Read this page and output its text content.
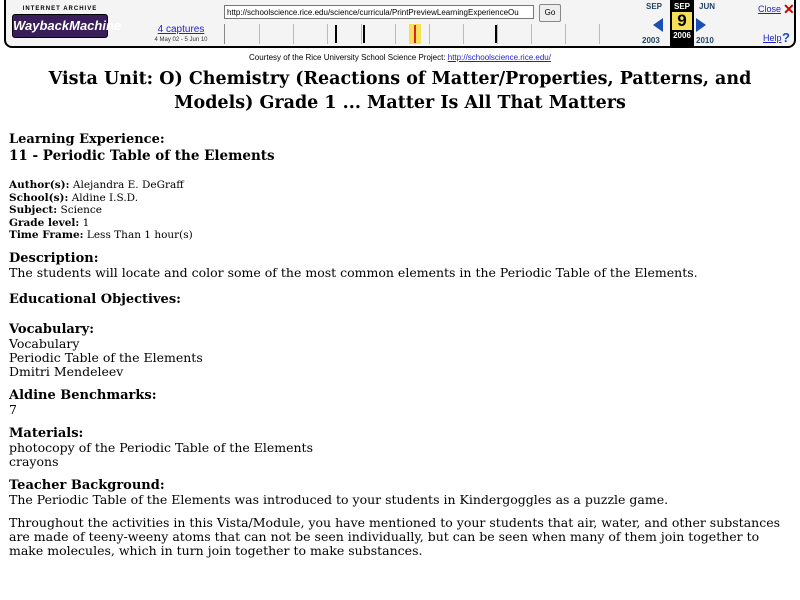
INTERNET ARCHIVE
WaybackMachine	4 captures
4 May 02 - 5 Jun 10
http://schoolscience.rice.edu/science/curricula/PrintPreviewLearningExperienceOu	Go
SEP
2003
SEP
9
2006
JUN
2010
Close ✕
Help ?
Courtesy of the Rice University School Science Project: http://schoolscience.rice.edu/
Vista Unit: O) Chemistry (Reactions of Matter/Properties, Patterns, and Models) Grade 1 ... Matter Is All That Matters

Learning Experience:

11 - Periodic Table of the Elements

Author(s): Alejandra E. DeGraff
School(s): Aldine I.S.D.
Subject: Science
Grade level: 1
Time Frame: Less Than 1 hour(s)

Description:

The students will locate and color some of the most common elements in the Periodic Table of the Elements.

Educational Objectives:

Vocabulary:

Vocabulary

Periodic Table of the Elements

Dmitri Mendeleev

Aldine Benchmarks:

7

Materials:

photocopy of the Periodic Table of the Elements

crayons

Teacher Background:

The Periodic Table of the Elements was introduced to your students in Kindergoggles as a puzzle game.

Throughout the activities in this Vista/Module, you have mentioned to your students that air, water, and other substances are made of teeny-weeny atoms that can not be seen individually, but can be seen when many of them join together to make molecules, which in turn join together to make substances.
